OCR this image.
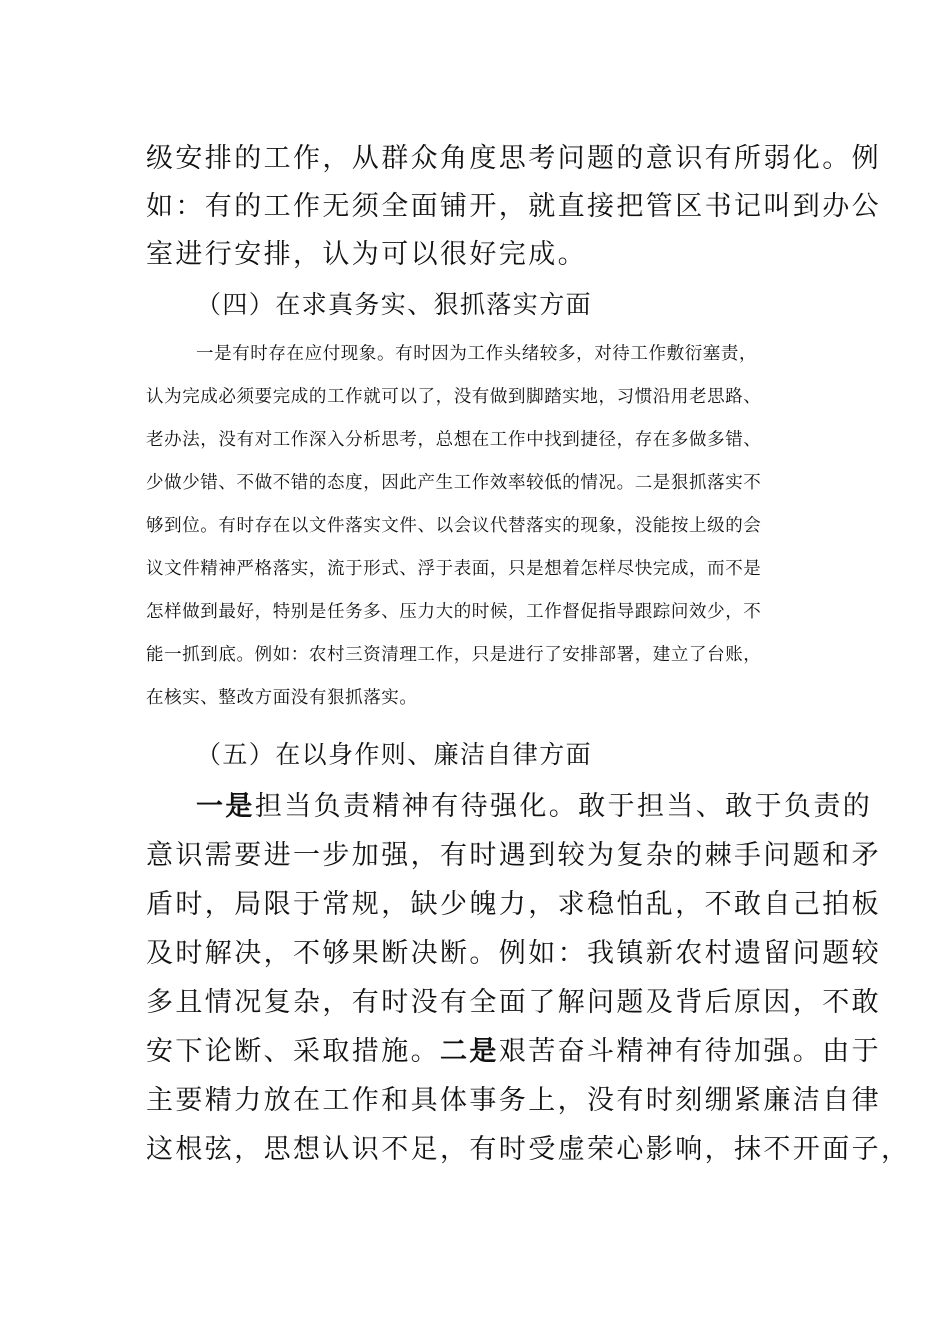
级安排的工作，从群众角度思考问题的意识有所弱化。例

如：有的工作无须全面铺开，就直接把管区书记叫到办公

室进行安排，认为可以很好完成。

（四）在求真务实、狠抓落实方面

一是有时存在应付现象。有时因为工作头绪较多，对待工作敷衍塞责，

认为完成必须要完成的工作就可以了，没有做到脚踏实地，习惯沿用老思路、

老办法，没有对工作深入分析思考，总想在工作中找到捷径，存在多做多错、

少做少错、不做不错的态度，因此产生工作效率较低的情况。二是狠抓落实不

够到位。有时存在以文件落实文件、以会议代替落实的现象，没能按上级的会

议文件精神严格落实，流于形式、浮于表面，只是想着怎样尽快完成，而不是

怎样做到最好，特别是任务多、压力大的时候，工作督促指导跟踪问效少，不

能一抓到底。例如：农村三资清理工作，只是进行了安排部署，建立了台账，

在核实、整改方面没有狠抓落实。

（五）在以身作则、廉洁自律方面

一是担当负责精神有待强化。敢于担当、敢于负责的

意识需要进一步加强，有时遇到较为复杂的棘手问题和矛

盾时，局限于常规，缺少魄力，求稳怕乱，不敢自己拍板

及时解决，不够果断决断。例如：我镇新农村遗留问题较

多且情况复杂，有时没有全面了解问题及背后原因，不敢

安下论断、采取措施。二是艰苦奋斗精神有待加强。由于

主要精力放在工作和具体事务上，没有时刻绷紧廉洁自律

这根弦，思想认识不足，有时受虚荣心影响，抹不开面子，
